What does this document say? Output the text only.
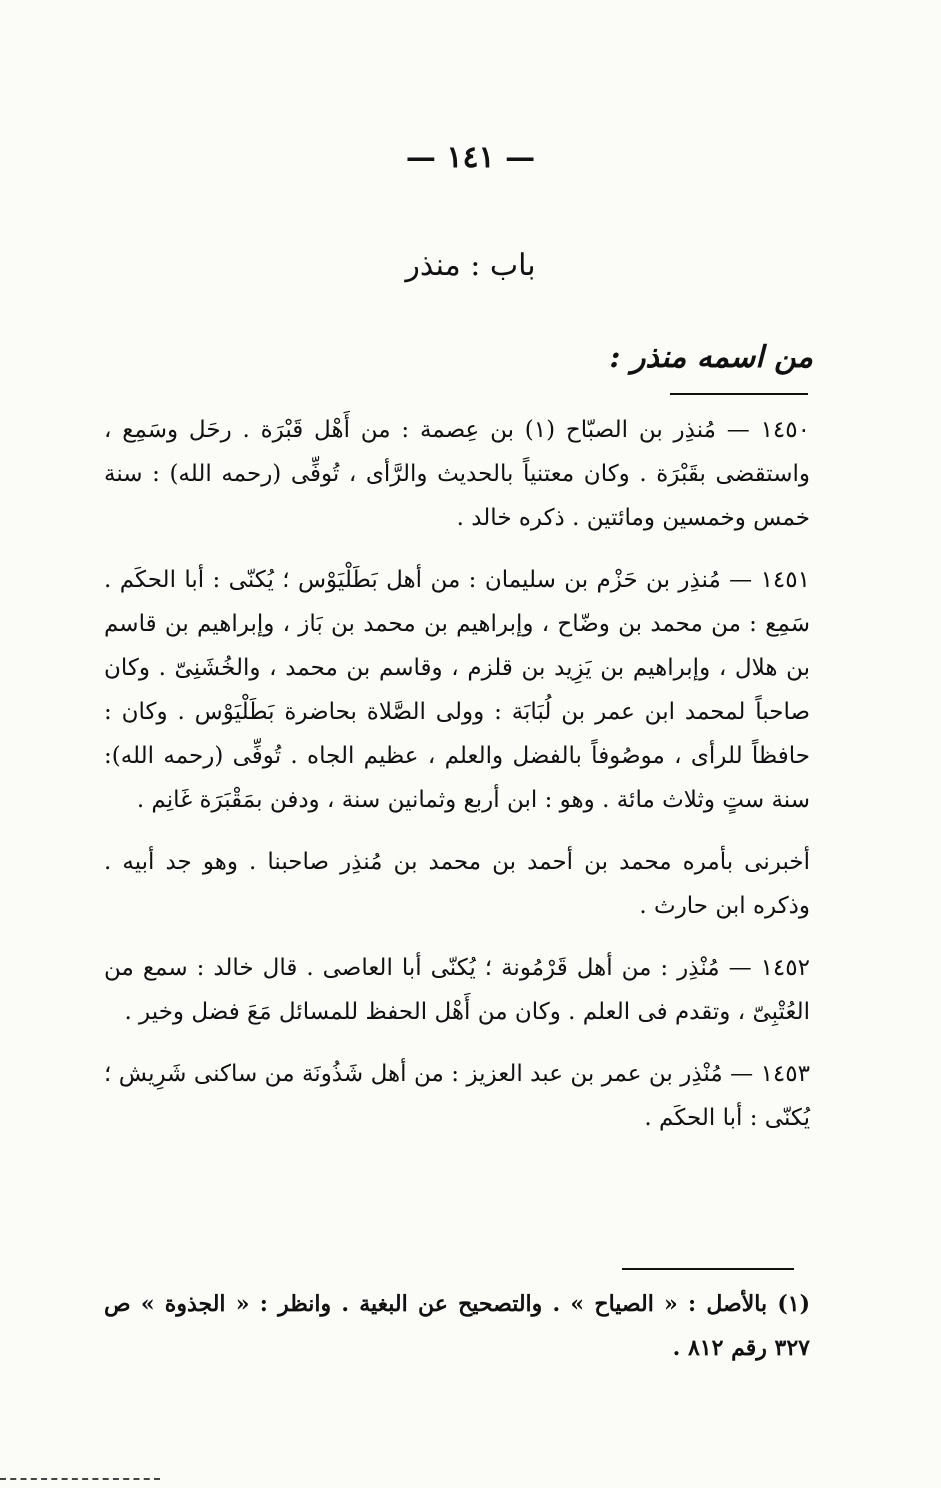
— ١٤١ —
باب : منذر
من اسمه منذر :

١٤٥٠ — مُنذِر بن الصبّاح (١) بن عِصمة : من أَهْل قَبْرَة . رحَل وسَمِع ، واستقضى بقَبْرَة . وكان معتنياً بالحديث والرَّأى ، تُوفِّى (رحمه الله) : سنة خمس وخمسين ومائتين . ذكره خالد .

١٤٥١ — مُنذِر بن حَزْم بن سليمان : من أهل بَطَلْيَوْس ؛ يُكنّى : أبا الحكَم . سَمِع : من محمد بن وضّاح ، وإبراهيم بن محمد بن بَاز ، وإبراهيم بن قاسم بن هلال ، وإبراهيم بن يَزِيد بن قلزم ، وقاسم بن محمد ، والخُشَنِىّ . وكان صاحباً لمحمد ابن عمر بن لُبَابَة : وولى الصَّلاة بحاضرة بَطَلْيَوْس . وكان : حافظاً للرأى ، موصُوفاً بالفضل والعلم ، عظيم الجاه . تُوفِّى (رحمه الله): سنة ستٍ وثلاث مائة . وهو : ابن أربع وثمانين سنة ، ودفن بمَقْبَرَة غَانِم .

أخبرنى بأمره محمد بن أحمد بن محمد بن مُنذِر صاحبنا . وهو جد أبيه . وذكره ابن حارث .

١٤٥٢ — مُنْذِر : من أهل قَرْمُونة ؛ يُكنّى أبا العاصى . قال خالد : سمع من العُتْبِىّ ، وتقدم فى العلم . وكان من أَهْل الحفظ للمسائل مَعَ فضل وخير .

١٤٥٣ — مُنْذِر بن عمر بن عبد العزيز : من أهل شَذُونَة من ساكنى شَرِيش ؛ يُكنّى : أبا الحكَم .

(١) بالأصل : « الصياح » . والتصحيح عن البغية . وانظر : « الجذوة » ص ٣٢٧ رقم ٨١٢ .
